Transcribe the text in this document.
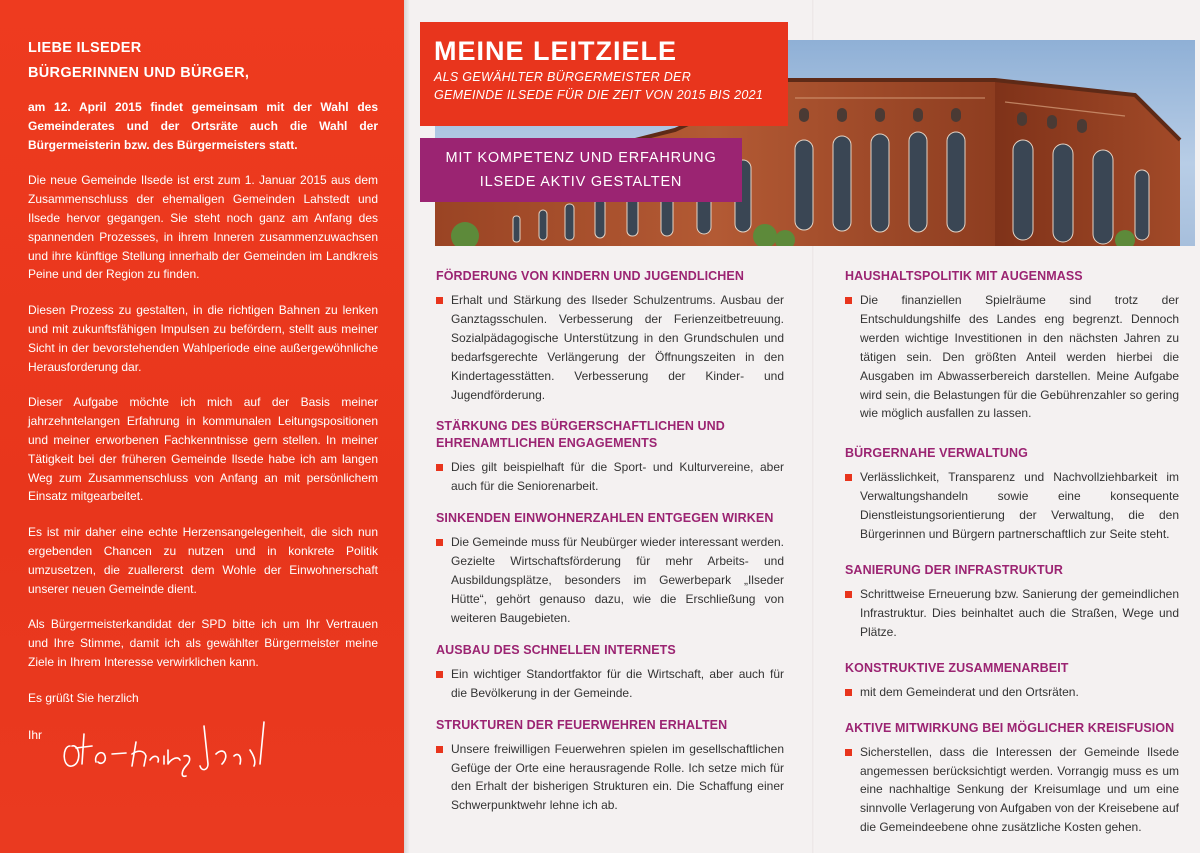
LIEBE ILSEDER
BÜRGERINNEN UND BÜRGER,

am 12. April 2015 findet gemeinsam mit der Wahl des Gemeinderates und der Ortsräte auch die Wahl der Bürgermeisterin bzw. des Bürgermeisters statt.

Die neue Gemeinde Ilsede ist erst zum 1. Januar 2015 aus dem Zusammenschluss der ehemaligen Gemeinden Lahstedt und Ilsede hervor gegangen. Sie steht noch ganz am Anfang des spannenden Prozesses, in ihrem Inneren zusammenzuwachsen und ihre künftige Stellung innerhalb der Gemeinden im Landkreis Peine und der Region zu finden.

Diesen Prozess zu gestalten, in die richtigen Bahnen zu lenken und mit zukunftsfähigen Impulsen zu befördern, stellt aus meiner Sicht in der bevorstehenden Wahlperiode eine außergewöhnliche Herausforderung dar.

Dieser Aufgabe möchte ich mich auf der Basis meiner jahrzehntelangen Erfahrung in kommunalen Leitungspositionen und meiner erworbenen Fachkenntnisse gern stellen. In meiner Tätigkeit bei der früheren Gemeinde Ilsede habe ich am langen Weg zum Zusammenschluss von Anfang an mit persönlichem Einsatz mitgearbeitet.

Es ist mir daher eine echte Herzensangelegenheit, die sich nun ergebenden Chancen zu nutzen und in konkrete Politik umzusetzen, die zuallererst dem Wohle der Einwohnerschaft unserer neuen Gemeinde dient.

Als Bürgermeisterkandidat der SPD bitte ich um Ihr Vertrauen und Ihre Stimme, damit ich als gewählter Bürgermeister meine Ziele in Ihrem Interesse verwirklichen kann.

Es grüßt Sie herzlich
Ihr
MEINE LEITZIELE
ALS GEWÄHLTER BÜRGERMEISTER DER
GEMEINDE ILSEDE FÜR DIE ZEIT VON 2015 BIS 2021
MIT KOMPETENZ UND ERFAHRUNG
ILSEDE AKTIV GESTALTEN
FÖRDERUNG VON KINDERN UND JUGENDLICHEN
Erhalt und Stärkung des Ilseder Schulzentrums. Ausbau der Ganztagsschulen. Verbesserung der Ferienzeitbetreuung. Sozialpädagogische Unterstützung in den Grundschulen und bedarfsgerechte Verlängerung der Öffnungszeiten in den Kindertagesstätten. Verbesserung der Kinder- und Jugendförderung.
STÄRKUNG DES BÜRGERSCHAFTLICHEN UND EHRENAMTLICHEN ENGAGEMENTS
Dies gilt beispielhaft für die Sport- und Kulturvereine, aber auch für die Seniorenarbeit.
SINKENDEN EINWOHNERZAHLEN ENTGEGEN WIRKEN
Die Gemeinde muss für Neubürger wieder interessant werden. Gezielte Wirtschaftsförderung für mehr Arbeits- und Ausbildungsplätze, besonders im Gewerbepark „Ilseder Hütte“, gehört genauso dazu, wie die Erschließung von weiteren Baugebieten.
AUSBAU DES SCHNELLEN INTERNETS
Ein wichtiger Standortfaktor für die Wirtschaft, aber auch für die Bevölkerung in der Gemeinde.
STRUKTUREN DER FEUERWEHREN ERHALTEN
Unsere freiwilligen Feuerwehren spielen im gesellschaftlichen Gefüge der Orte eine herausragende Rolle. Ich setze mich für den Erhalt der bisherigen Strukturen ein. Die Schaffung einer Schwerpunktwehr lehne ich ab.
HAUSHALTSPOLITIK MIT AUGENMASS
Die finanziellen Spielräume sind trotz der Entschuldungshilfe des Landes eng begrenzt. Dennoch werden wichtige Investitionen in den nächsten Jahren zu tätigen sein. Den größten Anteil werden hierbei die Ausgaben im Abwasserbereich darstellen. Meine Aufgabe wird sein, die Belastungen für die Gebührenzahler so gering wie möglich ausfallen zu lassen.
BÜRGERNAHE VERWALTUNG
Verlässlichkeit, Transparenz und Nachvollziehbarkeit im Verwaltungshandeln sowie eine konsequente Dienstleistungsorientierung der Verwaltung, die den Bürgerinnen und Bürgern partnerschaftlich zur Seite steht.
SANIERUNG DER INFRASTRUKTUR
Schrittweise Erneuerung bzw. Sanierung der gemeindlichen Infrastruktur. Dies beinhaltet auch die Straßen, Wege und Plätze.
KONSTRUKTIVE ZUSAMMENARBEIT
mit dem Gemeinderat und den Ortsräten.
AKTIVE MITWIRKUNG BEI MÖGLICHER KREISFUSION
Sicherstellen, dass die Interessen der Gemeinde Ilsede angemessen berücksichtigt werden. Vorrangig muss es um eine nachhaltige Senkung der Kreisumlage und um eine sinnvolle Verlagerung von Aufgaben von der Kreisebene auf die Gemeindeebene ohne zusätzliche Kosten gehen.
